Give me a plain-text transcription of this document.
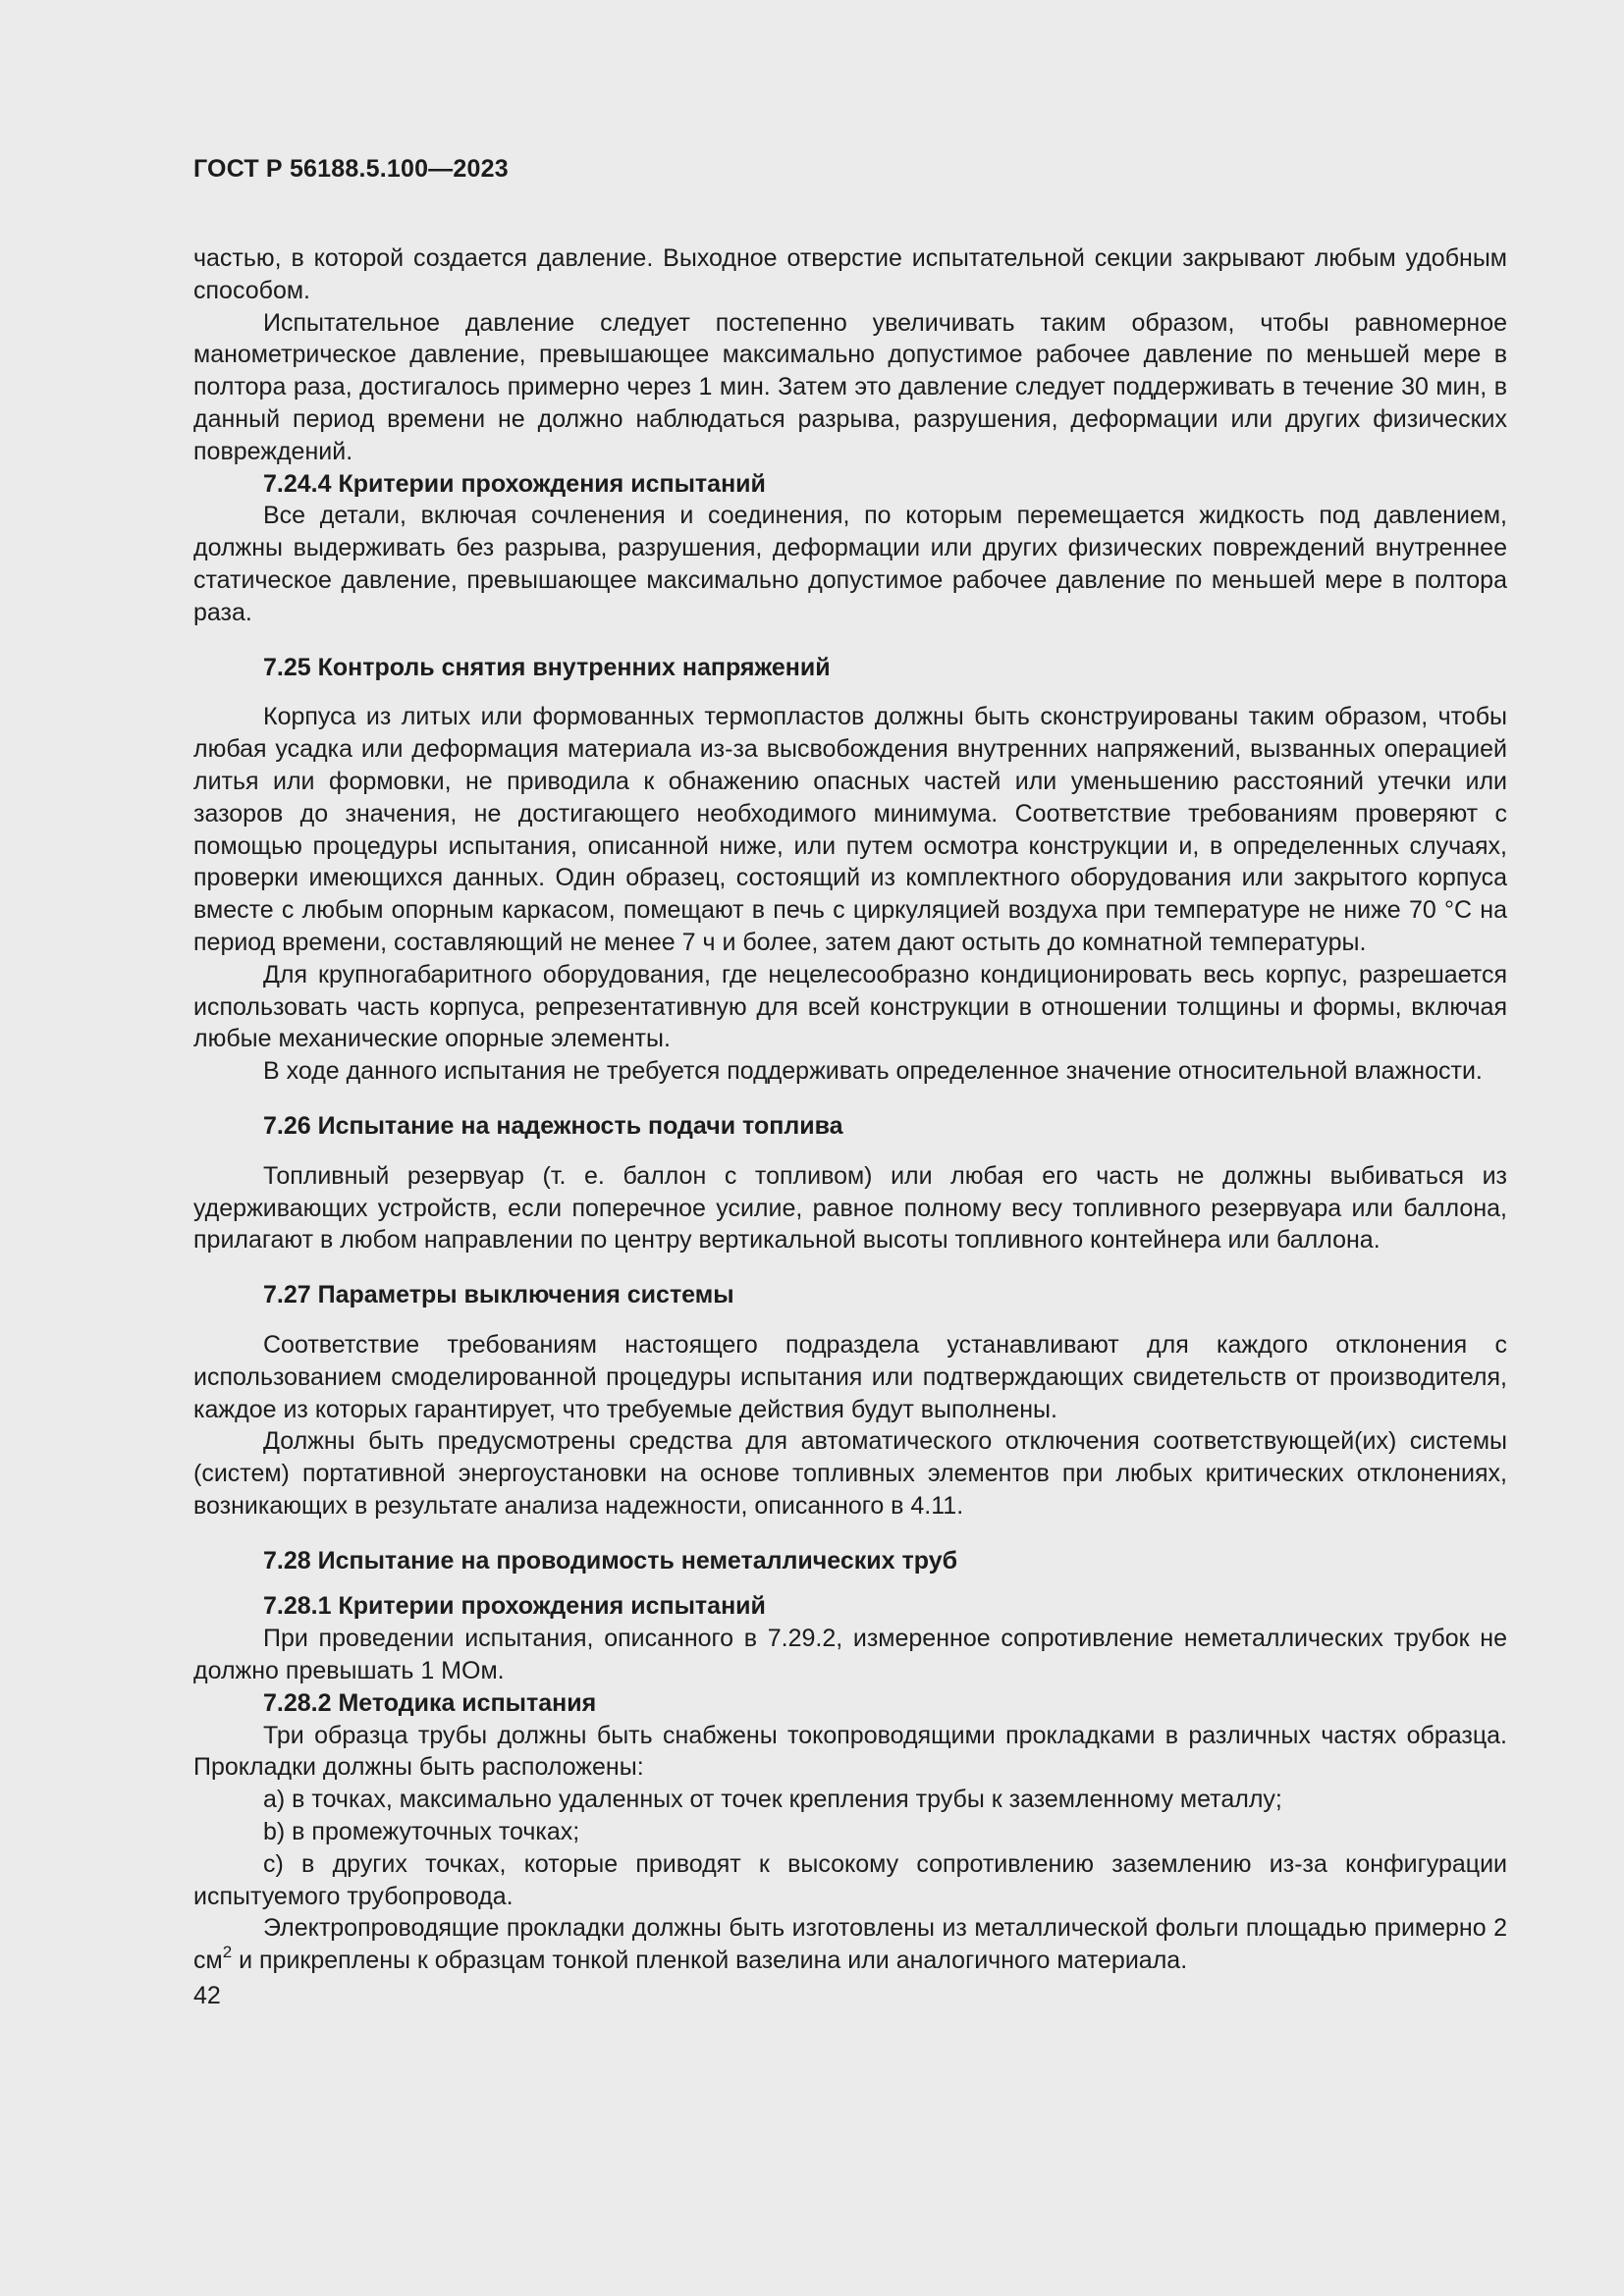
ГОСТ Р 56188.5.100—2023

частью, в которой создается давление. Выходное отверстие испытательной секции закрывают любым удобным способом.

Испытательное давление следует постепенно увеличивать таким образом, чтобы равномерное манометрическое давление, превышающее максимально допустимое рабочее давление по меньшей мере в полтора раза, достигалось примерно через 1 мин. Затем это давление следует поддерживать в течение 30 мин, в данный период времени не должно наблюдаться разрыва, разрушения, деформации или других физических повреждений.

7.24.4 Критерии прохождения испытаний

Все детали, включая сочленения и соединения, по которым перемещается жидкость под давлением, должны выдерживать без разрыва, разрушения, деформации или других физических повреждений внутреннее статическое давление, превышающее максимально допустимое рабочее давление по меньшей мере в полтора раза.

7.25 Контроль снятия внутренних напряжений

Корпуса из литых или формованных термопластов должны быть сконструированы таким образом, чтобы любая усадка или деформация материала из-за высвобождения внутренних напряжений, вызванных операцией литья или формовки, не приводила к обнажению опасных частей или уменьшению расстояний утечки или зазоров до значения, не достигающего необходимого минимума. Соответствие требованиям проверяют с помощью процедуры испытания, описанной ниже, или путем осмотра конструкции и, в определенных случаях, проверки имеющихся данных. Один образец, состоящий из комплектного оборудования или закрытого корпуса вместе с любым опорным каркасом, помещают в печь с циркуляцией воздуха при температуре не ниже 70 °С на период времени, составляющий не менее 7 ч и более, затем дают остыть до комнатной температуры.

Для крупногабаритного оборудования, где нецелесообразно кондиционировать весь корпус, разрешается использовать часть корпуса, репрезентативную для всей конструкции в отношении толщины и формы, включая любые механические опорные элементы.

В ходе данного испытания не требуется поддерживать определенное значение относительной влажности.

7.26 Испытание на надежность подачи топлива

Топливный резервуар (т. е. баллон с топливом) или любая его часть не должны выбиваться из удерживающих устройств, если поперечное усилие, равное полному весу топливного резервуара или баллона, прилагают в любом направлении по центру вертикальной высоты топливного контейнера или баллона.

7.27 Параметры выключения системы

Соответствие требованиям настоящего подраздела устанавливают для каждого отклонения с использованием смоделированной процедуры испытания или подтверждающих свидетельств от производителя, каждое из которых гарантирует, что требуемые действия будут выполнены.

Должны быть предусмотрены средства для автоматического отключения соответствующей(их) системы (систем) портативной энергоустановки на основе топливных элементов при любых критических отклонениях, возникающих в результате анализа надежности, описанного в 4.11.

7.28 Испытание на проводимость неметаллических труб
7.28.1 Критерии прохождения испытаний

При проведении испытания, описанного в 7.29.2, измеренное сопротивление неметаллических трубок не должно превышать 1 МОм.

7.28.2 Методика испытания

Три образца трубы должны быть снабжены токопроводящими прокладками в различных частях образца. Прокладки должны быть расположены:

а) в точках, максимально удаленных от точек крепления трубы к заземленному металлу;

b) в промежуточных точках;

с) в других точках, которые приводят к высокому сопротивлению заземлению из-за конфигурации испытуемого трубопровода.

Электропроводящие прокладки должны быть изготовлены из металлической фольги площадью примерно 2 $см^2$ и прикреплены к образцам тонкой пленкой вазелина или аналогичного материала.

42
